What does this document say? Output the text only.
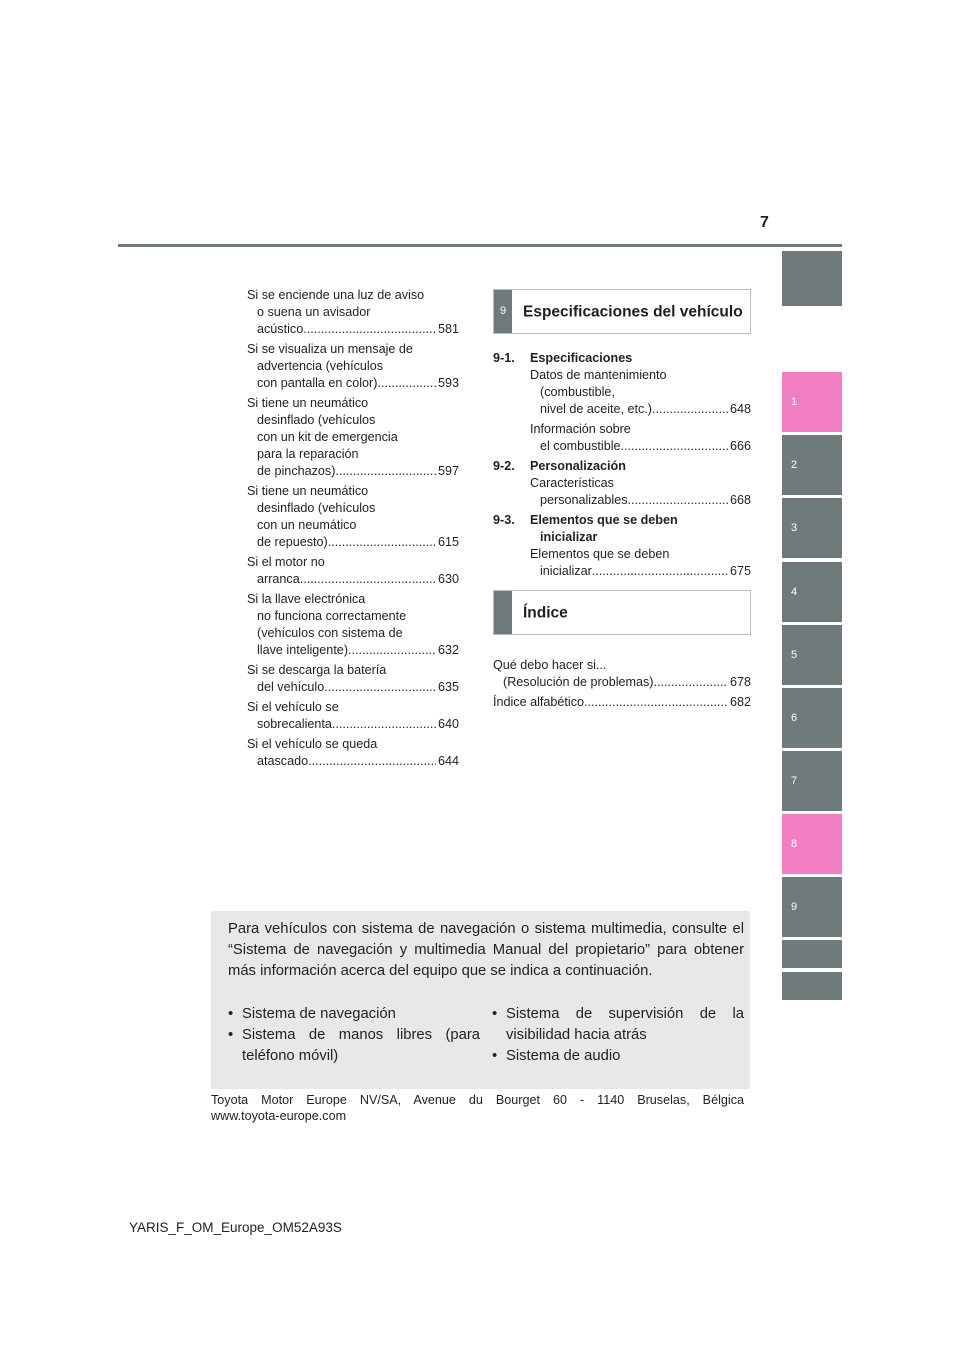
7
1
2
3
4
5
6
7
8
9
Si se enciende una luz de aviso
o suena un avisador
acústico .....	581
Si se visualiza un mensaje de
advertencia (vehículos
con pantalla en color) .....	593
Si tiene un neumático
desinflado (vehículos
con un kit de emergencia
para la reparación
de pinchazos) .....	597
Si tiene un neumático
desinflado (vehículos
con un neumático
de repuesto) .....	615
Si el motor no
arranca .....	630
Si la llave electrónica
no funciona correctamente
(vehículos con sistema de
llave inteligente) .....	632
Si se descarga la batería
del vehículo .....	635
Si el vehículo se
sobrecalienta .....	640
Si el vehículo se queda
atascado .....	644
9	Especificaciones del vehículo
9-1.	Especificaciones
Datos de mantenimiento
(combustible,
nivel de aceite, etc.) .....	648
Información sobre
el combustible .....	666
9-2.	Personalización
Características
personalizables .....	668
9-3.	Elementos que se deben
inicializar
Elementos que se deben
inicializar .....	675
Índice
Qué debo hacer si...
(Resolución de problemas) .....	678
Índice alfabético .....	682
Para vehículos con sistema de navegación o sistema multimedia, consulte el “Sistema de navegación y multimedia Manual del propietario” para obtener más información acerca del equipo que se indica a continuación.
• Sistema de navegación
• Sistema de manos libres (para teléfono móvil)
• Sistema de supervisión de la visibilidad hacia atrás
• Sistema de audio
Toyota Motor Europe NV/SA, Avenue du Bourget 60 - 1140 Bruselas, Bélgica
www.toyota-europe.com
YARIS_F_OM_Europe_OM52A93S
